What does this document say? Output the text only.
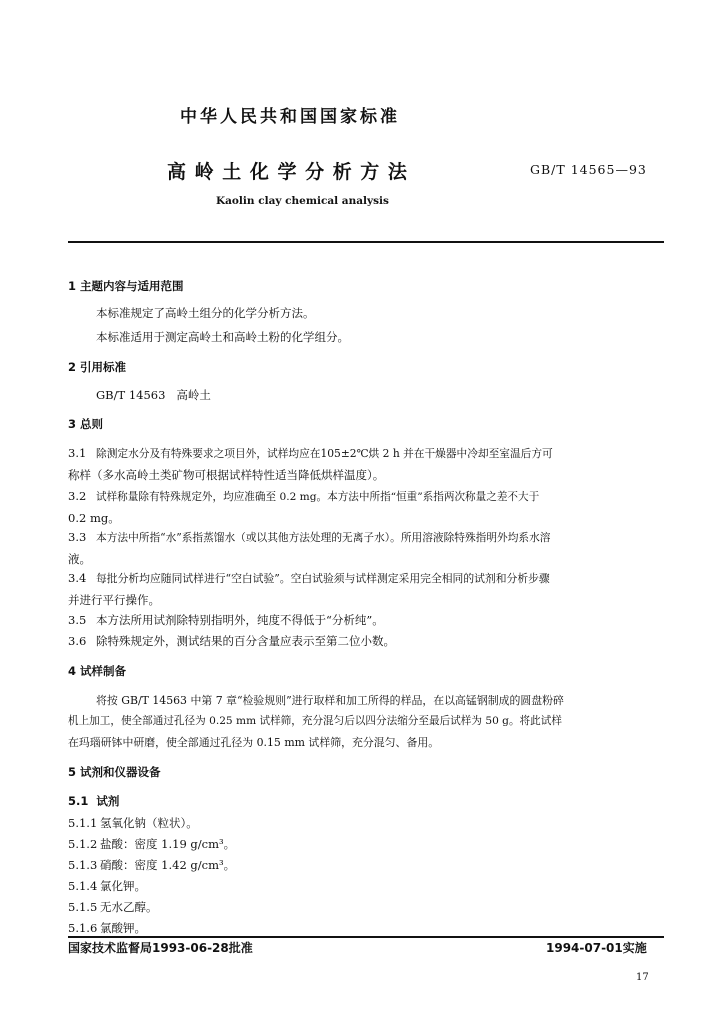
中华人民共和国国家标准
高 岭 土 化 学 分 析 方 法	GB/T 14565—93
Kaolin clay chemical analysis
1 主题内容与适用范围
本标准规定了高岭土组分的化学分析方法。
本标准适用于测定高岭土和高岭土粉的化学组分。
2 引用标准
GB/T 14563   高岭土
3 总则
3.1 除测定水分及有特殊要求之项目外，试样均应在105±2℃烘 2 h 并在干燥器中冷却至室温后方可
称样（多水高岭土类矿物可根据试样特性适当降低烘样温度）。
3.2 试样称量除有特殊规定外，均应准确至 0.2 mg。本方法中所指“恒重”系指两次称量之差不大于
0.2 mg。
3.3 本方法中所指“水”系指蒸馏水（或以其他方法处理的无离子水）。所用溶液除特殊指明外均系水溶
液。
3.4 每批分析均应随同试样进行“空白试验”。空白试验须与试样测定采用完全相同的试剂和分析步骤
并进行平行操作。
3.5 本方法所用试剂除特别指明外，纯度不得低于“分析纯”。
3.6 除特殊规定外，测试结果的百分含量应表示至第二位小数。
4 试样制备
将按 GB/T 14563 中第 7 章“检验规则”进行取样和加工所得的样品，在以高锰钢制成的圆盘粉碎
机上加工，使全部通过孔径为 0.25 mm 试样筛，充分混匀后以四分法缩分至最后试样为 50 g。将此试样
在玛瑙研钵中研磨，使全部通过孔径为 0.15 mm 试样筛，充分混匀、备用。
5 试剂和仪器设备
5.1  试剂
5.1.1 氢氧化钠（粒状）。
5.1.2 盐酸：密度 1.19 g/cm³。
5.1.3 硝酸：密度 1.42 g/cm³。
5.1.4 氯化钾。
5.1.5 无水乙醇。
5.1.6 氯酸钾。
国家技术监督局1993-06-28批准	1994-07-01实施
17
